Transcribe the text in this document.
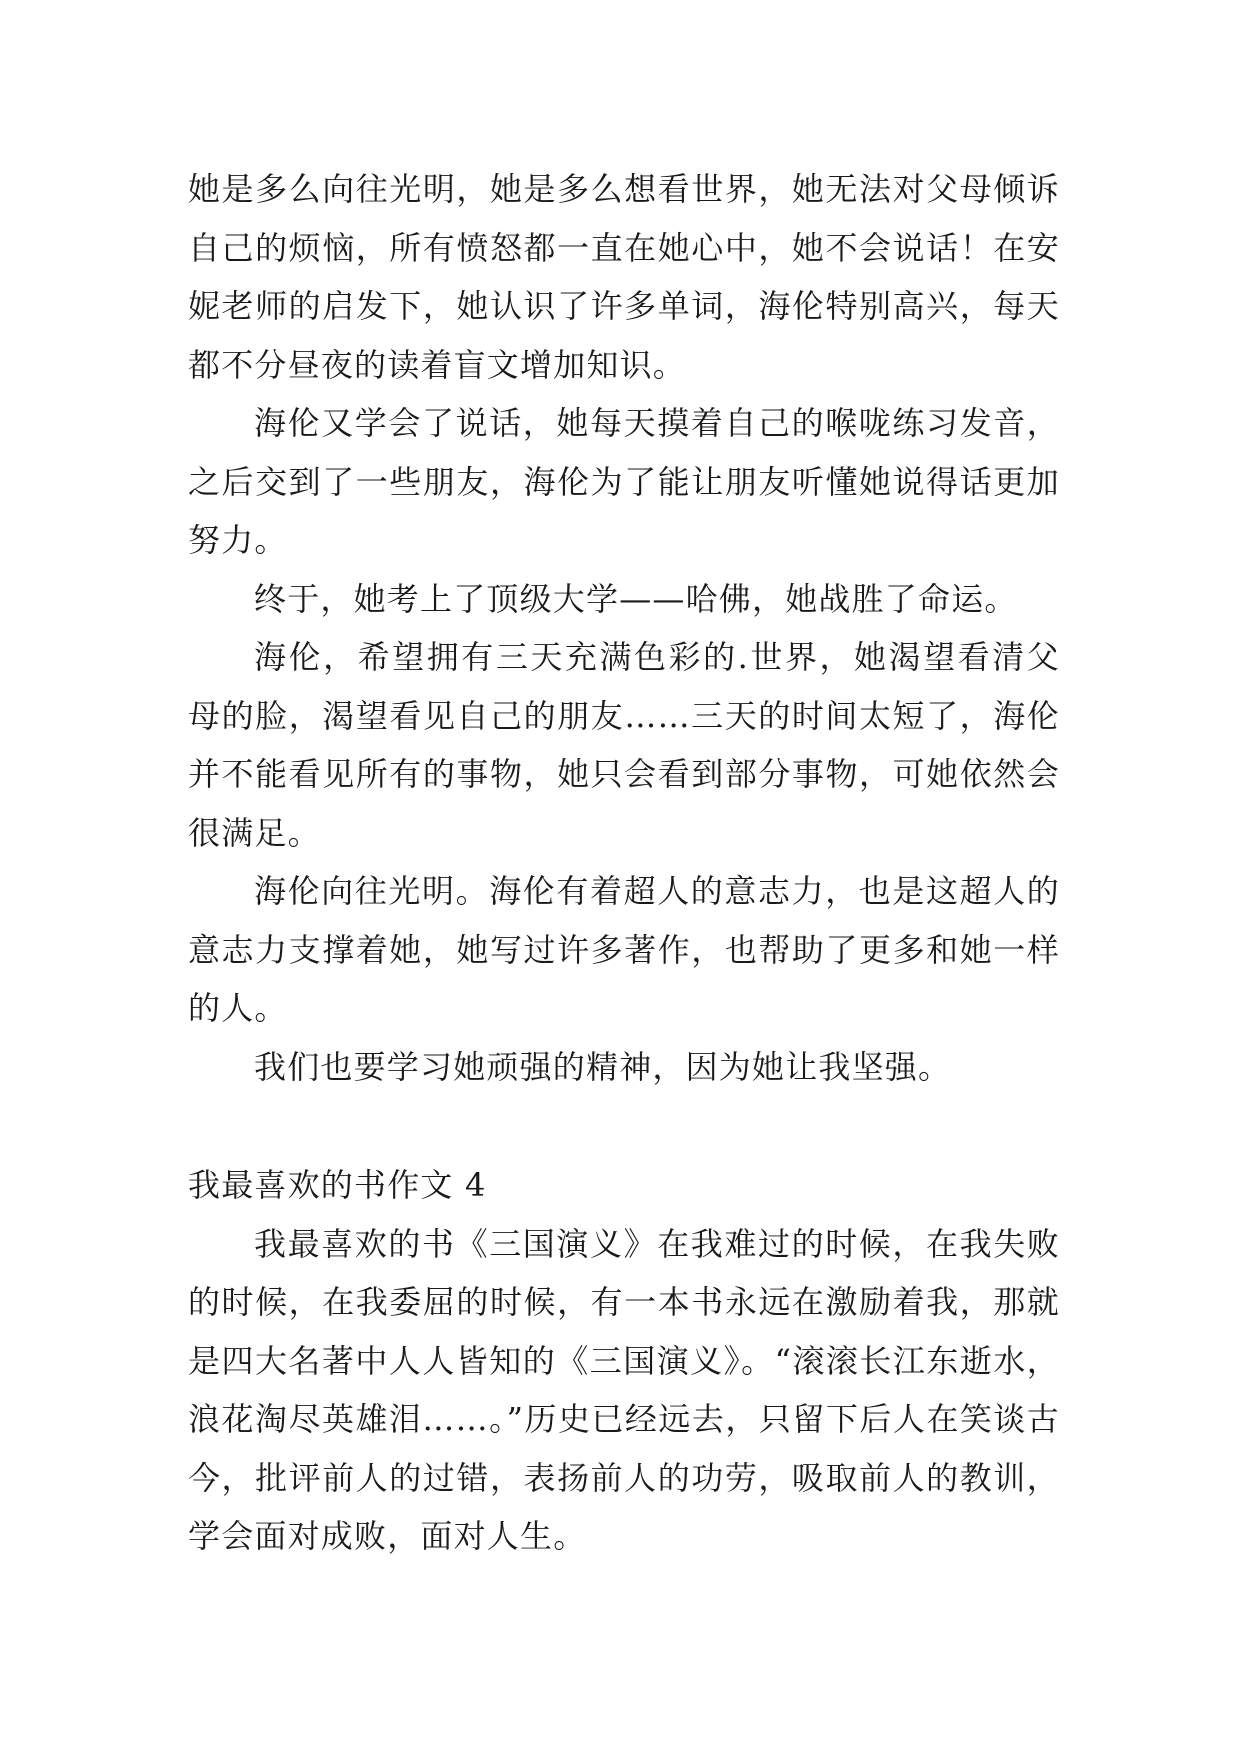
她是多么向往光明，她是多么想看世界，她无法对父母倾诉自己的烦恼，所有愤怒都一直在她心中，她不会说话！在安妮老师的启发下，她认识了许多单词，海伦特别高兴，每天都不分昼夜的读着盲文增加知识。

海伦又学会了说话，她每天摸着自己的喉咙练习发音，之后交到了一些朋友，海伦为了能让朋友听懂她说得话更加努力。

终于，她考上了顶级大学——哈佛，她战胜了命运。

海伦，希望拥有三天充满色彩的.世界，她渴望看清父母的脸，渴望看见自己的朋友……三天的时间太短了，海伦并不能看见所有的事物，她只会看到部分事物，可她依然会很满足。

海伦向往光明。海伦有着超人的意志力，也是这超人的意志力支撑着她，她写过许多著作，也帮助了更多和她一样的人。

我们也要学习她顽强的精神，因为她让我坚强。

我最喜欢的书作文 4

我最喜欢的书《三国演义》在我难过的时候，在我失败的时候，在我委屈的时候，有一本书永远在激励着我，那就是四大名著中人人皆知的《三国演义》。“滚滚长江东逝水，浪花淘尽英雄泪……。”历史已经远去，只留下后人在笑谈古今，批评前人的过错，表扬前人的功劳，吸取前人的教训，学会面对成败，面对人生。
